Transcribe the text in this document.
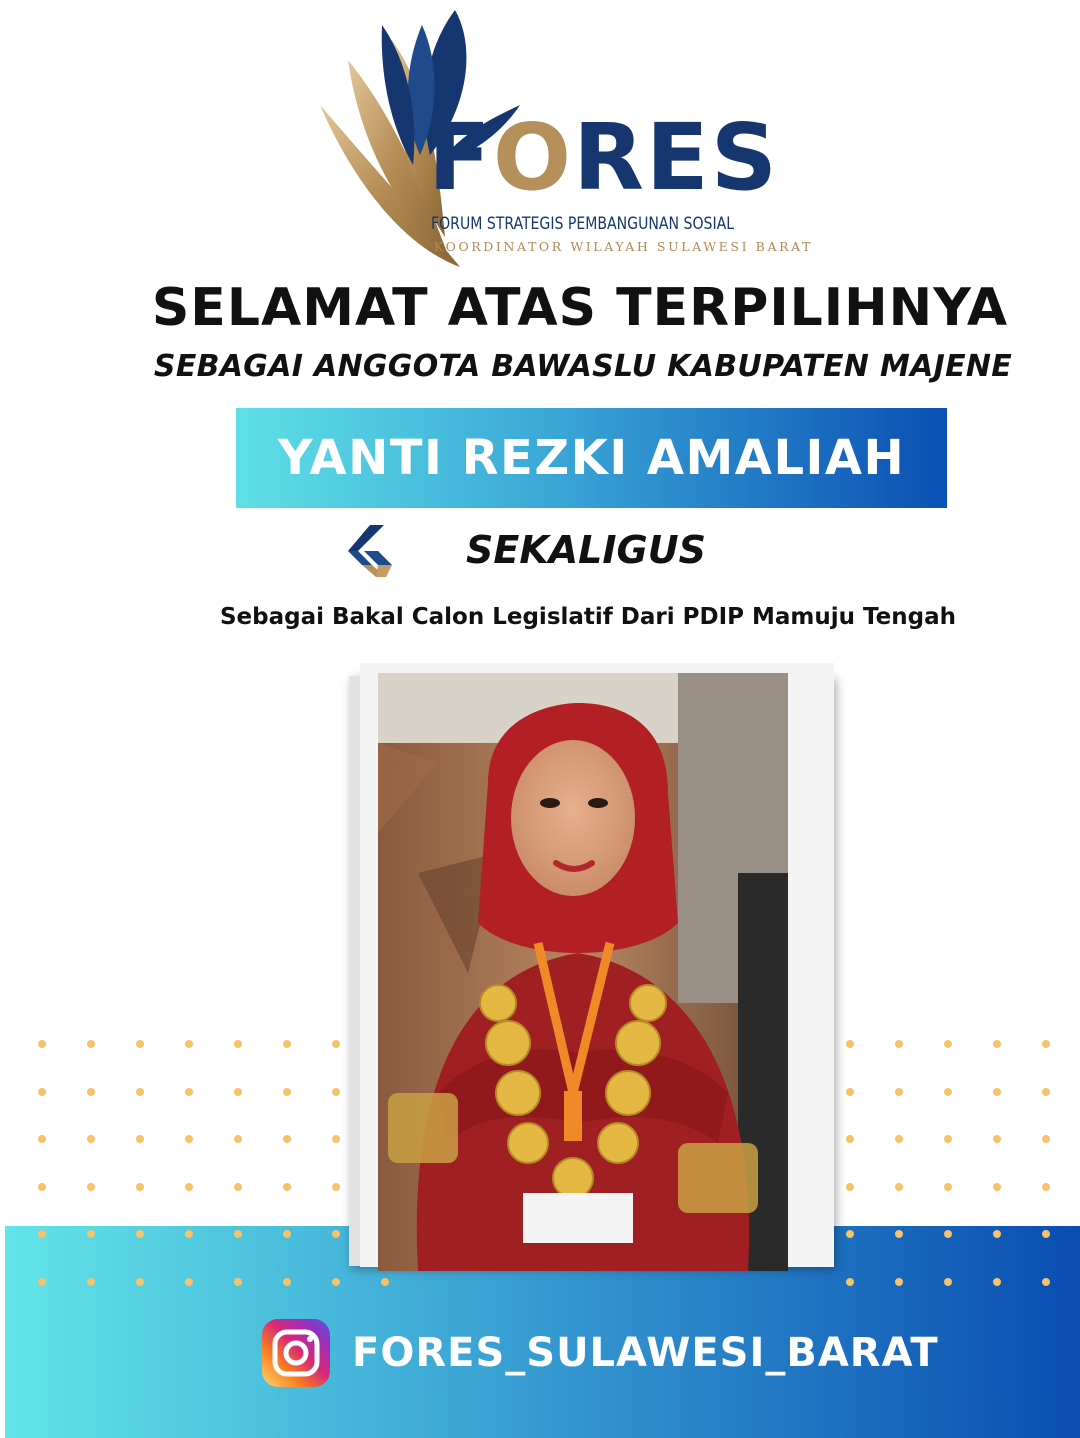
FORES
FORUM STRATEGIS PEMBANGUNAN SOSIAL
KOORDINATOR WILAYAH SULAWESI BARAT
SELAMAT ATAS TERPILIHNYA
SEBAGAI ANGGOTA BAWASLU KABUPATEN MAJENE
YANTI REZKI AMALIAH
SEKALIGUS
Sebagai Bakal Calon Legislatif Dari PDIP Mamuju Tengah
FORES_SULAWESI_BARAT
